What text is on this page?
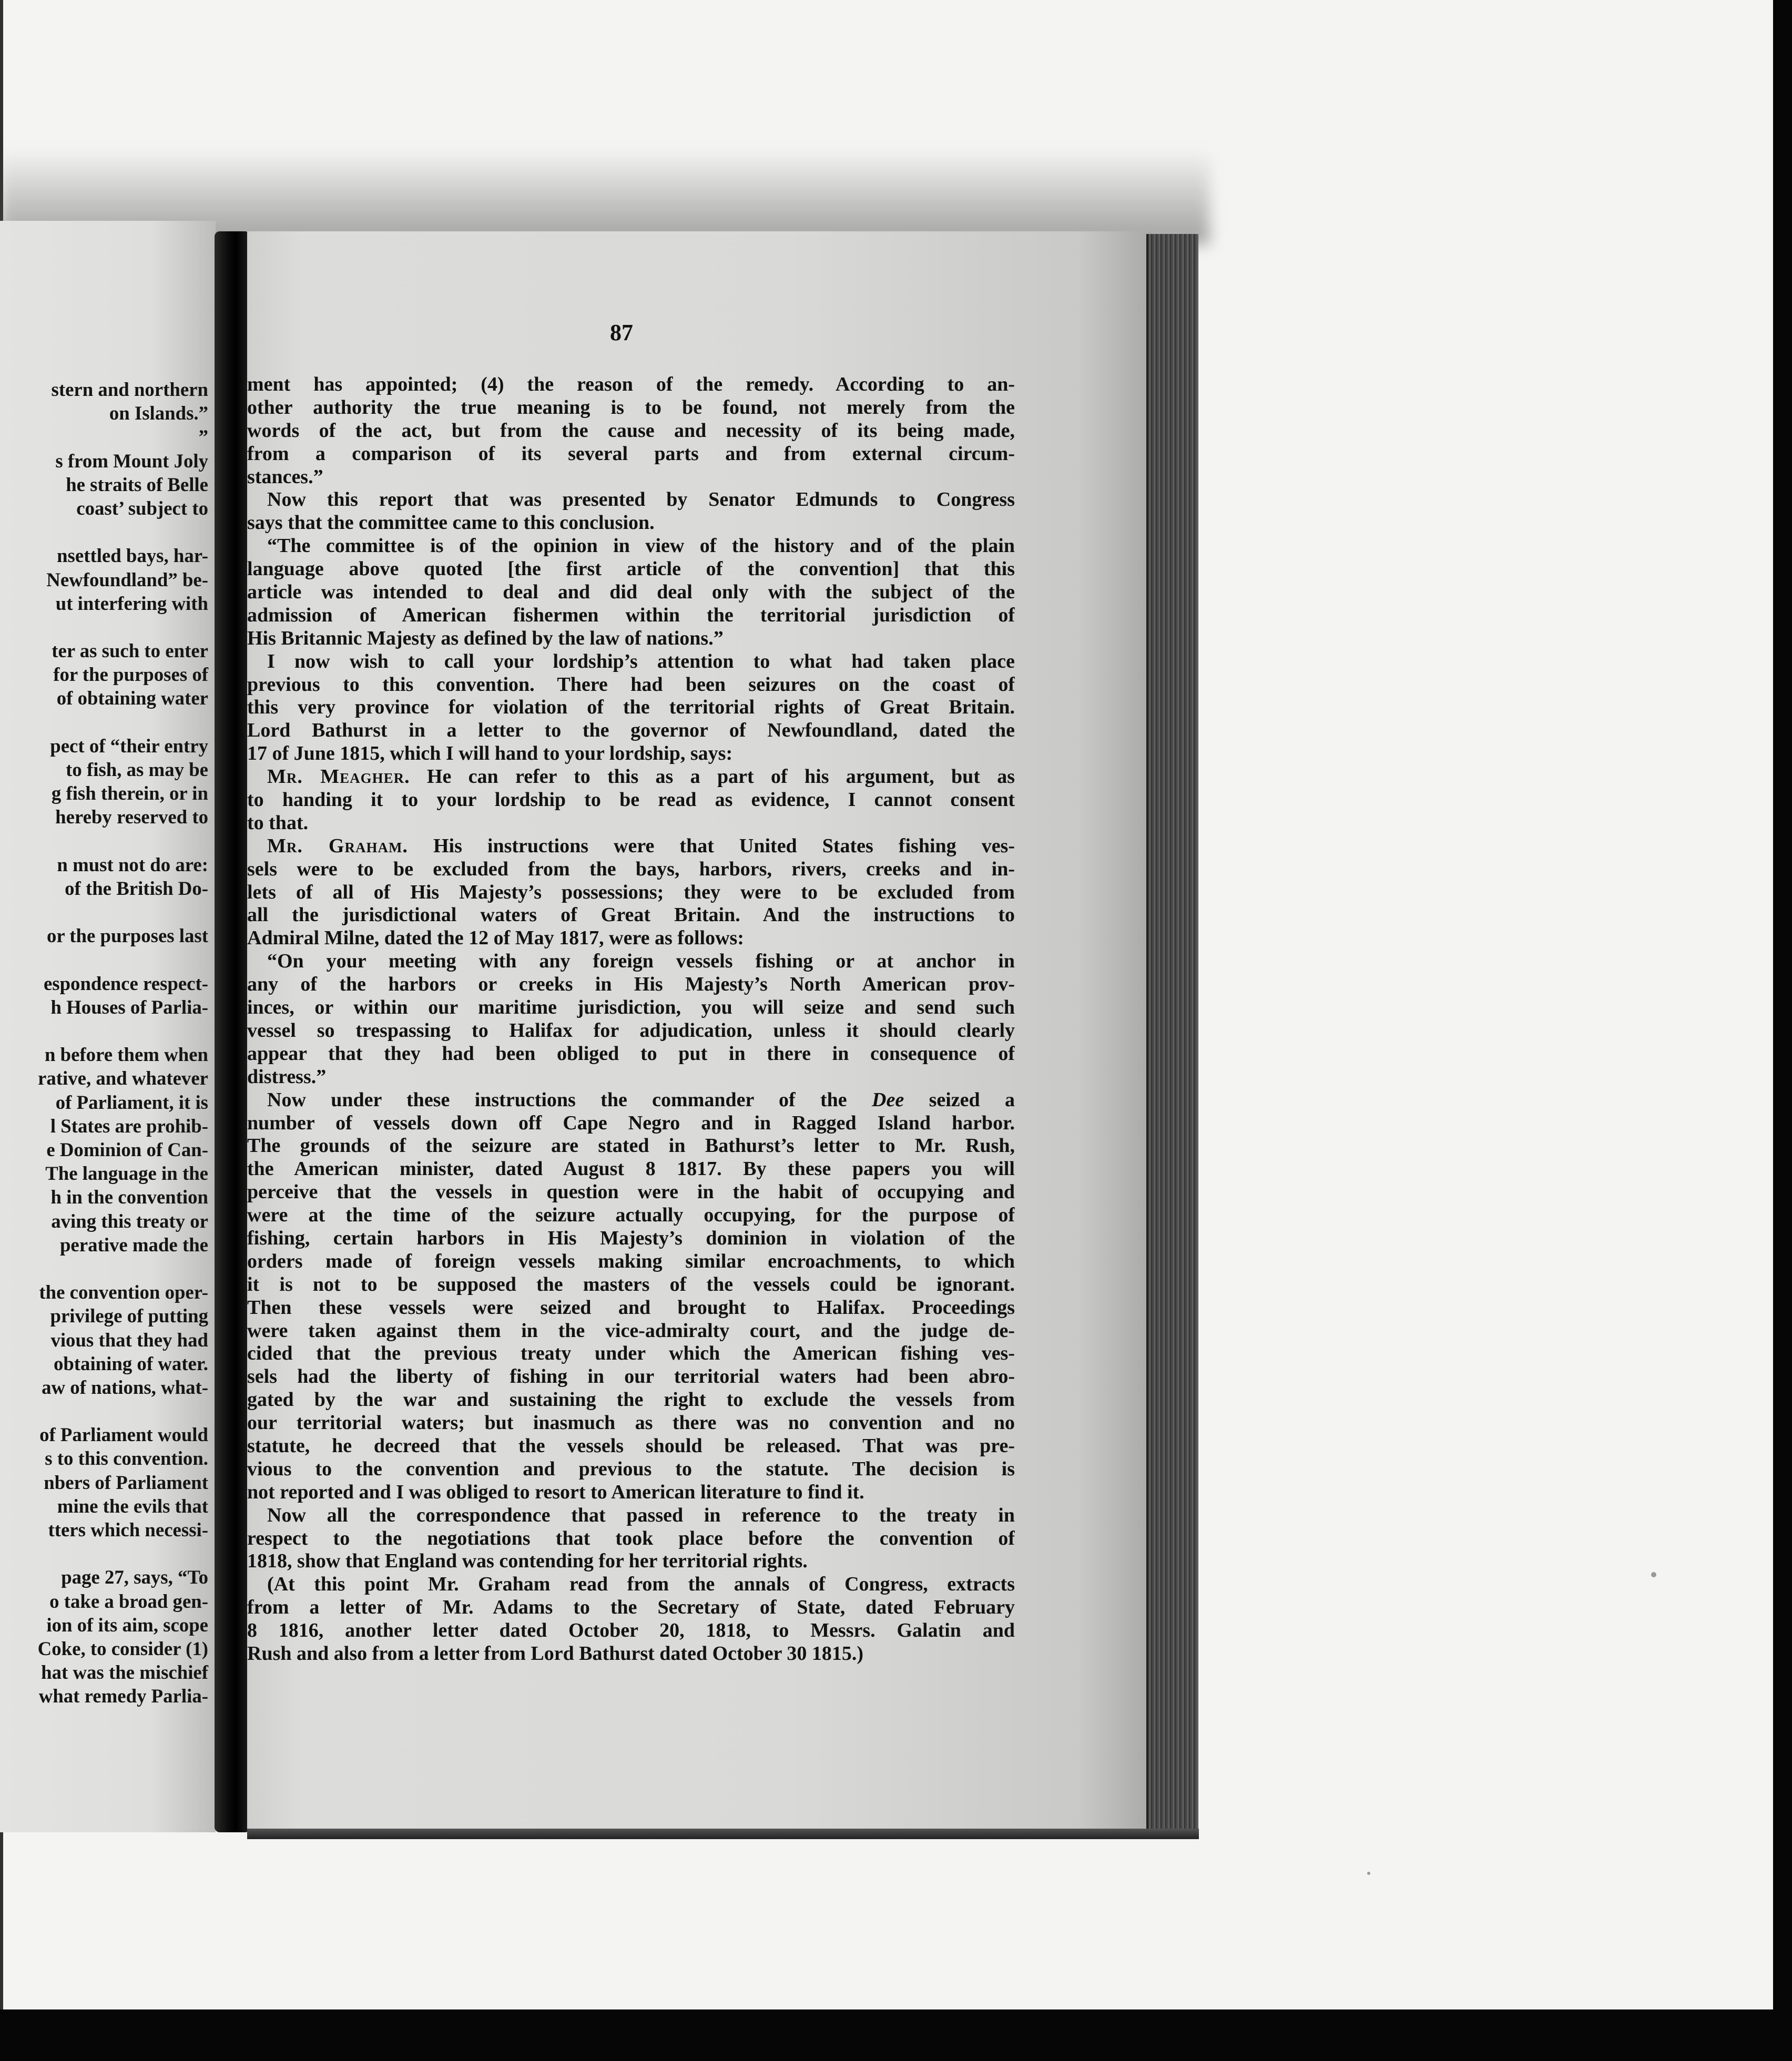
stern and northern
on Islands.”
”
s from Mount Joly
he straits of Belle
coast’ subject to
nsettled bays, har-
Newfoundland” be-
ut interfering with
ter as such to enter
for the purposes of
of obtaining water
pect of “their entry
to fish, as may be
g fish therein, or in
hereby reserved to
n must not do are:
of the British Do-
or the purposes last
espondence respect-
h Houses of Parlia-
n before them when
rative, and whatever
of Parliament, it is
l States are prohib-
e Dominion of Can-
The language in the
h in the convention
aving this treaty or
perative made the
the convention oper-
privilege of putting
vious that they had
obtaining of water.
aw of nations, what-
of Parliament would
s to this convention.
nbers of Parliament
mine the evils that
tters which necessi-
page 27, says, “To
o take a broad gen-
ion of its aim, scope
Coke, to consider (1)
hat was the mischief
what remedy Parlia-
87
ment has appointed; (4) the reason of the remedy. According to an-
other authority the true meaning is to be found, not merely from the
words of the act, but from the cause and necessity of its being made,
from a comparison of its several parts and from external circum-
stances.”
Now this report that was presented by Senator Edmunds to Congress
says that the committee came to this conclusion.
“The committee is of the opinion in view of the history and of the plain
language above quoted [the first article of the convention] that this
article was intended to deal and did deal only with the subject of the
admission of American fishermen within the territorial jurisdiction of
His Britannic Majesty as defined by the law of nations.”
I now wish to call your lordship’s attention to what had taken place
previous to this convention. There had been seizures on the coast of
this very province for violation of the territorial rights of Great Britain.
Lord Bathurst in a letter to the governor of Newfoundland, dated the
17 of June 1815, which I will hand to your lordship, says:
Mr. Meagher. He can refer to this as a part of his argument, but as
to handing it to your lordship to be read as evidence, I cannot consent
to that.
Mr. Graham. His instructions were that United States fishing ves-
sels were to be excluded from the bays, harbors, rivers, creeks and in-
lets of all of His Majesty’s possessions; they were to be excluded from
all the jurisdictional waters of Great Britain. And the instructions to
Admiral Milne, dated the 12 of May 1817, were as follows:
“On your meeting with any foreign vessels fishing or at anchor in
any of the harbors or creeks in His Majesty’s North American prov-
inces, or within our maritime jurisdiction, you will seize and send such
vessel so trespassing to Halifax for adjudication, unless it should clearly
appear that they had been obliged to put in there in consequence of
distress.”
Now under these instructions the commander of the Dee seized a
number of vessels down off Cape Negro and in Ragged Island harbor.
The grounds of the seizure are stated in Bathurst’s letter to Mr. Rush,
the American minister, dated August 8 1817. By these papers you will
perceive that the vessels in question were in the habit of occupying and
were at the time of the seizure actually occupying, for the purpose of
fishing, certain harbors in His Majesty’s dominion in violation of the
orders made of foreign vessels making similar encroachments, to which
it is not to be supposed the masters of the vessels could be ignorant.
Then these vessels were seized and brought to Halifax. Proceedings
were taken against them in the vice-admiralty court, and the judge de-
cided that the previous treaty under which the American fishing ves-
sels had the liberty of fishing in our territorial waters had been abro-
gated by the war and sustaining the right to exclude the vessels from
our territorial waters; but inasmuch as there was no convention and no
statute, he decreed that the vessels should be released. That was pre-
vious to the convention and previous to the statute. The decision is
not reported and I was obliged to resort to American literature to find it.
Now all the correspondence that passed in reference to the treaty in
respect to the negotiations that took place before the convention of
1818, show that England was contending for her territorial rights.
(At this point Mr. Graham read from the annals of Congress, extracts
from a letter of Mr. Adams to the Secretary of State, dated February
8 1816, another letter dated October 20, 1818, to Messrs. Galatin and
Rush and also from a letter from Lord Bathurst dated October 30 1815.)
